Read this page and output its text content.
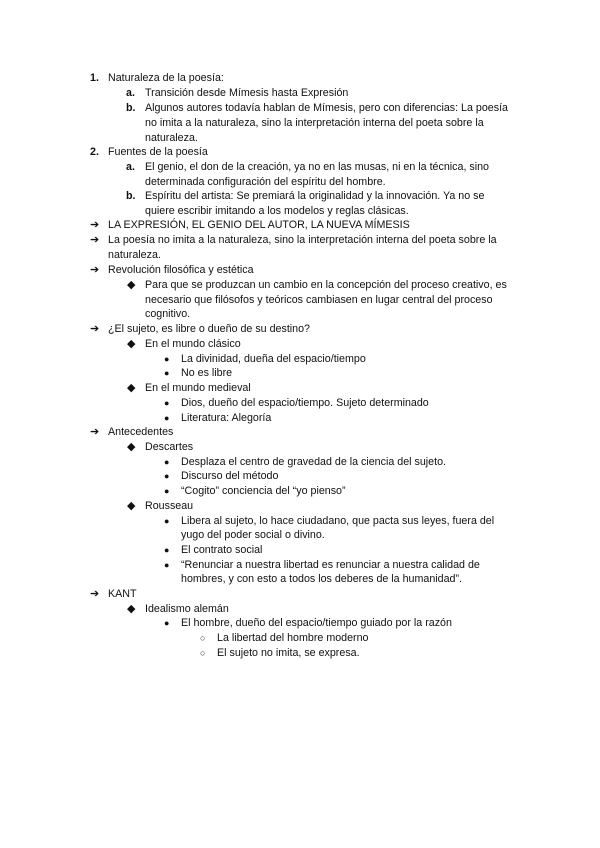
1. Naturaleza de la poesía:
a. Transición desde Mímesis hasta Expresión
b. Algunos autores todavía hablan de Mímesis, pero con diferencias: La poesía
no imita a la naturaleza, sino la interpretación interna del poeta sobre la
naturaleza.
2. Fuentes de la poesía
a. El genio, el don de la creación, ya no en las musas, ni en la técnica, sino
determinada configuración del espíritu del hombre.
b. Espíritu del artista: Se premiará la originalidad y la innovación. Ya no se
quiere escribir imitando a los modelos y reglas clásicas.
➔ LA EXPRESIÓN, EL GENIO DEL AUTOR, LA NUEVA MÍMESIS
➔ La poesía no imita a la naturaleza, sino la interpretación interna del poeta sobre la
naturaleza.
➔ Revolución filosófica y estética
◆ Para que se produzcan un cambio en la concepción del proceso creativo, es
necesario que filósofos y teóricos cambiasen en lugar central del proceso
cognitivo.
➔ ¿El sujeto, es libre o dueño de su destino?
◆ En el mundo clásico
● La divinidad, dueña del espacio/tiempo
● No es libre
◆ En el mundo medieval
● Dios, dueño del espacio/tiempo. Sujeto determinado
● Literatura: Alegoría
➔ Antecedentes
◆ Descartes
● Desplaza el centro de gravedad de la ciencia del sujeto.
● Discurso del método
● “Cogito” conciencia del “yo pienso”
◆ Rousseau
● Libera al sujeto, lo hace ciudadano, que pacta sus leyes, fuera del
yugo del poder social o divino.
● El contrato social
● “Renunciar a nuestra libertad es renunciar a nuestra calidad de
hombres, y con esto a todos los deberes de la humanidad”.
➔ KANT
◆ Idealismo alemán
● El hombre, dueño del espacio/tiempo guiado por la razón
○ La libertad del hombre moderno
○ El sujeto no imita, se expresa.
